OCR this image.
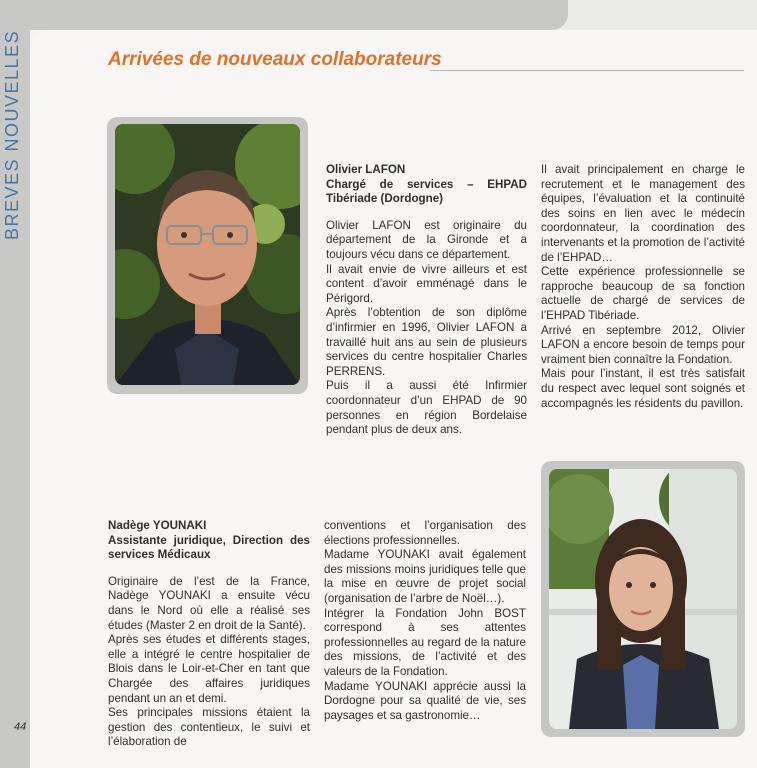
BREVES NOUVELLES	Arrivées de nouveaux collaborateurs

Olivier LAFON

Chargé de services – EHPAD Tibériade (Dordogne)

Olivier LAFON est originaire du département de la Gironde et a toujours vécu dans ce département.

Il avait envie de vivre ailleurs et est content d’avoir emménagé dans le Périgord.

Après l’obtention de son diplôme d’infirmier en 1996, Olivier LAFON a travaillé huit ans au sein de plusieurs services du centre hospitalier Charles PERRENS.

Puis il a aussi été Infirmier coordonnateur d’un EHPAD de 90 personnes en région Bordelaise pendant plus de deux ans.

Il avait principalement en charge le recrutement et le management des équipes, l’évaluation et la continuité des soins en lien avec le médecin coordonnateur, la coordination des intervenants et la promotion de l’activité de l’EHPAD…

Cette expérience professionnelle se rapproche beaucoup de sa fonction actuelle de chargé de services de l’EHPAD Tibériade.

Arrivé en septembre 2012, Olivier LAFON a encore besoin de temps pour vraiment bien connaître la Fondation.

Mais pour l’instant, il est très satisfait du respect avec lequel sont soignés et accompagnés les résidents du pavillon.

Nadège YOUNAKI

Assistante juridique, Direction des services Médicaux

Originaire de l’est de la France, Nadège YOUNAKI a ensuite vécu dans le Nord où elle a réalisé ses études (Master 2 en droit de la Santé).

Après ses études et différents stages, elle a intégré le centre hospitalier de Blois dans le Loir-et-Cher en tant que Chargée des affaires juridiques pendant un an et demi.

Ses principales missions étaient la gestion des contentieux, le suivi et l’élaboration de

conventions et l’organisation des élections professionnelles.

Madame YOUNAKI avait également des missions moins juridiques telle que la mise en œuvre de projet social (organisation de l’arbre de Noël…).

Intégrer la Fondation John BOST correspond à ses attentes professionnelles au regard de la nature des missions, de l’activité et des valeurs de la Fondation.

Madame YOUNAKI apprécie aussi la Dordogne pour sa qualité de vie, ses paysages et sa gastronomie…

44
